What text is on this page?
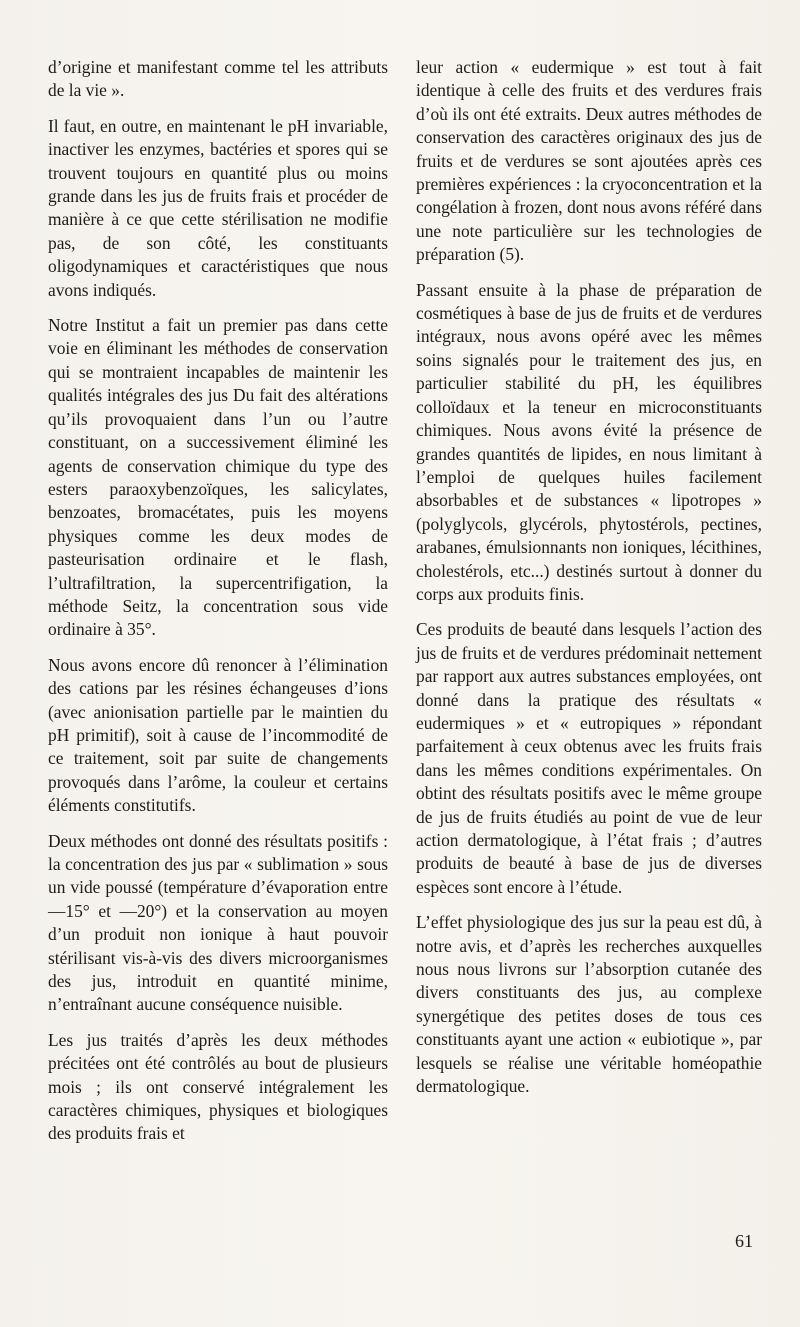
d’origine et manifestant comme tel les attributs de la vie ».

Il faut, en outre, en maintenant le pH invariable, inactiver les enzymes, bactéries et spores qui se trouvent toujours en quantité plus ou moins grande dans les jus de fruits frais et procéder de manière à ce que cette stérilisation ne modifie pas, de son côté, les constituants oligodynamiques et caractéristiques que nous avons indiqués.

Notre Institut a fait un premier pas dans cette voie en éliminant les méthodes de conservation qui se montraient incapables de maintenir les qualités intégrales des jus Du fait des altérations qu’ils provoquaient dans l’un ou l’autre constituant, on a successivement éliminé les agents de conservation chimique du type des esters paraoxybenzoïques, les salicylates, benzoates, bromacétates, puis les moyens physiques comme les deux modes de pasteurisation ordinaire et le flash, l’ultrafiltration, la supercentrifigation, la méthode Seitz, la concentration sous vide ordinaire à 35°.

Nous avons encore dû renoncer à l’élimination des cations par les résines échangeuses d’ions (avec anionisation partielle par le maintien du pH primitif), soit à cause de l’incommodité de ce traitement, soit par suite de changements provoqués dans l’arôme, la couleur et certains éléments constitutifs.

Deux méthodes ont donné des résultats positifs : la concentration des jus par « sublimation » sous un vide poussé (température d’évaporation entre —15° et —20°) et la conservation au moyen d’un produit non ionique à haut pouvoir stérilisant vis-à-vis des divers microorganismes des jus, introduit en quantité minime, n’entraînant aucune conséquence nuisible.

Les jus traités d’après les deux méthodes précitées ont été contrôlés au bout de plusieurs mois ; ils ont conservé intégralement les caractères chimiques, physiques et biologiques des produits frais et

leur action « eudermique » est tout à fait identique à celle des fruits et des verdures frais d’où ils ont été extraits. Deux autres méthodes de conservation des caractères originaux des jus de fruits et de verdures se sont ajoutées après ces premières expériences : la cryoconcentration et la congélation à frozen, dont nous avons référé dans une note particulière sur les technologies de préparation (5).

Passant ensuite à la phase de préparation de cosmétiques à base de jus de fruits et de verdures intégraux, nous avons opéré avec les mêmes soins signalés pour le traitement des jus, en particulier stabilité du pH, les équilibres colloïdaux et la teneur en microconstituants chimiques. Nous avons évité la présence de grandes quantités de lipides, en nous limitant à l’emploi de quelques huiles facilement absorbables et de substances « lipotropes » (polyglycols, glycérols, phytostérols, pectines, arabanes, émulsionnants non ioniques, lécithines, cholestérols, etc...) destinés surtout à donner du corps aux produits finis.

Ces produits de beauté dans lesquels l’action des jus de fruits et de verdures prédominait nettement par rapport aux autres substances employées, ont donné dans la pratique des résultats « eudermiques » et « eutropiques » répondant parfaitement à ceux obtenus avec les fruits frais dans les mêmes conditions expérimentales. On obtint des résultats positifs avec le même groupe de jus de fruits étudiés au point de vue de leur action dermatologique, à l’état frais ; d’autres produits de beauté à base de jus de diverses espèces sont encore à l’étude.

L’effet physiologique des jus sur la peau est dû, à notre avis, et d’après les recherches auxquelles nous nous livrons sur l’absorption cutanée des divers constituants des jus, au complexe synergétique des petites doses de tous ces constituants ayant une action « eubiotique », par lesquels se réalise une véritable homéopathie dermatologique.

61
